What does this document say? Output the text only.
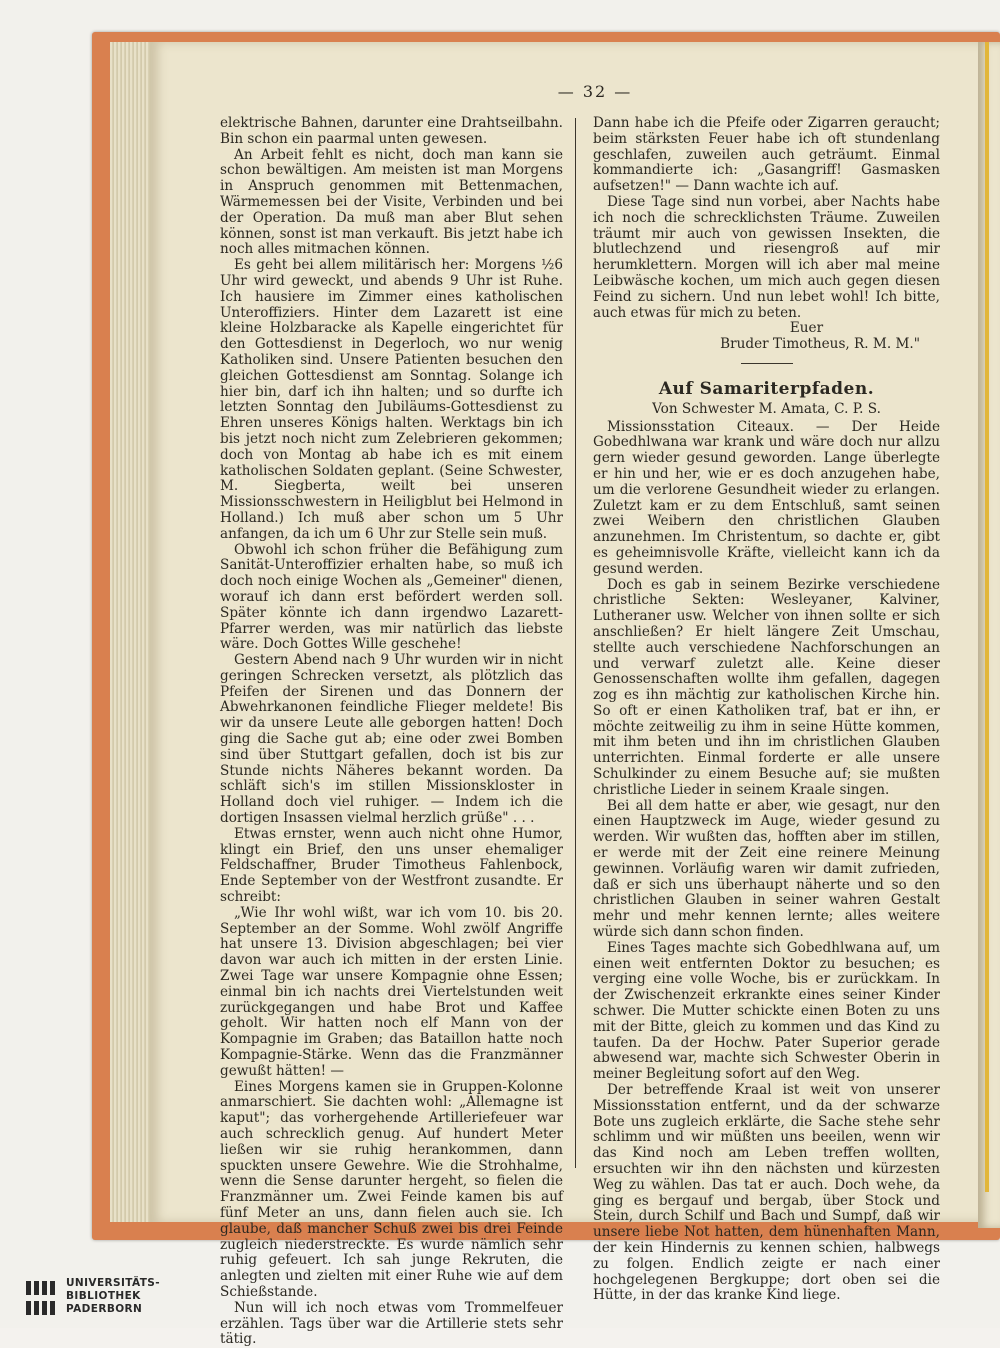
— 32 —

elektrische Bahnen, darunter eine Drahtseilbahn. Bin schon ein paarmal unten gewesen.

An Arbeit fehlt es nicht, doch man kann sie schon bewältigen. Am meisten ist man Morgens in Anspruch genommen mit Bettenmachen, Wärmemessen bei der Visite, Verbinden und bei der Operation. Da muß man aber Blut sehen können, sonst ist man verkauft. Bis jetzt habe ich noch alles mitmachen können.

Es geht bei allem militärisch her: Morgens ½6 Uhr wird geweckt, und abends 9 Uhr ist Ruhe. Ich hausiere im Zimmer eines katholischen Unteroffiziers. Hinter dem Lazarett ist eine kleine Holzbaracke als Kapelle eingerichtet für den Gottesdienst in Degerloch, wo nur wenig Katholiken sind. Unsere Patienten besuchen den gleichen Gottesdienst am Sonntag. Solange ich hier bin, darf ich ihn halten; und so durfte ich letzten Sonntag den Jubiläums-Gottesdienst zu Ehren unseres Königs halten. Werktags bin ich bis jetzt noch nicht zum Zelebrieren gekommen; doch von Montag ab habe ich es mit einem katholischen Soldaten geplant. (Seine Schwester, M. Siegberta, weilt bei unseren Missionsschwestern in Heiligblut bei Helmond in Holland.) Ich muß aber schon um 5 Uhr anfangen, da ich um 6 Uhr zur Stelle sein muß.

Obwohl ich schon früher die Befähigung zum Sanität-Unteroffizier erhalten habe, so muß ich doch noch einige Wochen als „Gemeiner" dienen, worauf ich dann erst befördert werden soll. Später könnte ich dann irgendwo Lazarett-Pfarrer werden, was mir natürlich das liebste wäre. Doch Gottes Wille geschehe!

Gestern Abend nach 9 Uhr wurden wir in nicht geringen Schrecken versetzt, als plötzlich das Pfeifen der Sirenen und das Donnern der Abwehrkanonen feindliche Flieger meldete! Bis wir da unsere Leute alle geborgen hatten! Doch ging die Sache gut ab; eine oder zwei Bomben sind über Stuttgart gefallen, doch ist bis zur Stunde nichts Näheres bekannt worden. Da schläft sich's im stillen Missionskloster in Holland doch viel ruhiger. — Indem ich die dortigen Insassen vielmal herzlich grüße" . . .

Etwas ernster, wenn auch nicht ohne Humor, klingt ein Brief, den uns unser ehemaliger Feldschaffner, Bruder Timotheus Fahlenbock, Ende September von der Westfront zusandte. Er schreibt:

„Wie Ihr wohl wißt, war ich vom 10. bis 20. September an der Somme. Wohl zwölf Angriffe hat unsere 13. Division abgeschlagen; bei vier davon war auch ich mitten in der ersten Linie. Zwei Tage war unsere Kompagnie ohne Essen; einmal bin ich nachts drei Viertelstunden weit zurückgegangen und habe Brot und Kaffee geholt. Wir hatten noch elf Mann von der Kompagnie im Graben; das Bataillon hatte noch Kompagnie-Stärke. Wenn das die Franzmänner gewußt hätten! —

Eines Morgens kamen sie in Gruppen-Kolonne anmarschiert. Sie dachten wohl: „Allemagne ist kaput"; das vorhergehende Artilleriefeuer war auch schrecklich genug. Auf hundert Meter ließen wir sie ruhig herankommen, dann spuckten unsere Gewehre. Wie die Strohhalme, wenn die Sense darunter hergeht, so fielen die Franzmänner um. Zwei Feinde kamen bis auf fünf Meter an uns, dann fielen auch sie. Ich glaube, daß mancher Schuß zwei bis drei Feinde zugleich niederstreckte. Es wurde nämlich sehr ruhig gefeuert. Ich sah junge Rekruten, die anlegten und zielten mit einer Ruhe wie auf dem Schießstande.

Nun will ich noch etwas vom Trommelfeuer erzählen. Tags über war die Artillerie stets sehr tätig.

Dann habe ich die Pfeife oder Zigarren geraucht; beim stärksten Feuer habe ich oft stundenlang geschlafen, zuweilen auch geträumt. Einmal kommandierte ich: „Gasangriff! Gasmasken aufsetzen!" — Dann wachte ich auf.

Diese Tage sind nun vorbei, aber Nachts habe ich noch die schrecklichsten Träume. Zuweilen träumt mir auch von gewissen Insekten, die blutlechzend und riesengroß auf mir herumklettern. Morgen will ich aber mal meine Leibwäsche kochen, um mich auch gegen diesen Feind zu sichern. Und nun lebet wohl! Ich bitte, auch etwas für mich zu beten.

Euer

Bruder Timotheus, R. M. M."

Auf Samariterpfaden.
Von Schwester M. Amata, C. P. S.

Missionsstation Citeaux. — Der Heide Gobedhlwana war krank und wäre doch nur allzu gern wieder gesund geworden. Lange überlegte er hin und her, wie er es doch anzugehen habe, um die verlorene Gesundheit wieder zu erlangen. Zuletzt kam er zu dem Entschluß, samt seinen zwei Weibern den christlichen Glauben anzunehmen. Im Christentum, so dachte er, gibt es geheimnisvolle Kräfte, vielleicht kann ich da gesund werden.

Doch es gab in seinem Bezirke verschiedene christliche Sekten: Wesleyaner, Kalviner, Lutheraner usw. Welcher von ihnen sollte er sich anschließen? Er hielt längere Zeit Umschau, stellte auch verschiedene Nachforschungen an und verwarf zuletzt alle. Keine dieser Genossenschaften wollte ihm gefallen, dagegen zog es ihn mächtig zur katholischen Kirche hin. So oft er einen Katholiken traf, bat er ihn, er möchte zeitweilig zu ihm in seine Hütte kommen, mit ihm beten und ihn im christlichen Glauben unterrichten. Einmal forderte er alle unsere Schulkinder zu einem Besuche auf; sie mußten christliche Lieder in seinem Kraale singen.

Bei all dem hatte er aber, wie gesagt, nur den einen Hauptzweck im Auge, wieder gesund zu werden. Wir wußten das, hofften aber im stillen, er werde mit der Zeit eine reinere Meinung gewinnen. Vorläufig waren wir damit zufrieden, daß er sich uns überhaupt näherte und so den christlichen Glauben in seiner wahren Gestalt mehr und mehr kennen lernte; alles weitere würde sich dann schon finden.

Eines Tages machte sich Gobedhlwana auf, um einen weit entfernten Doktor zu besuchen; es verging eine volle Woche, bis er zurückkam. In der Zwischenzeit erkrankte eines seiner Kinder schwer. Die Mutter schickte einen Boten zu uns mit der Bitte, gleich zu kommen und das Kind zu taufen. Da der Hochw. Pater Superior gerade abwesend war, machte sich Schwester Oberin in meiner Begleitung sofort auf den Weg.

Der betreffende Kraal ist weit von unserer Missionsstation entfernt, und da der schwarze Bote uns zugleich erklärte, die Sache stehe sehr schlimm und wir müßten uns beeilen, wenn wir das Kind noch am Leben treffen wollten, ersuchten wir ihn den nächsten und kürzesten Weg zu wählen. Das tat er auch. Doch wehe, da ging es bergauf und bergab, über Stock und Stein, durch Schilf und Bach und Sumpf, daß wir unsere liebe Not hatten, dem hünenhaften Mann, der kein Hindernis zu kennen schien, halbwegs zu folgen. Endlich zeigte er nach einer hochgelegenen Bergkuppe; dort oben sei die Hütte, in der das kranke Kind liege.

UNIVERSITÄTS-
BIBLIOTHEK
PADERBORN
